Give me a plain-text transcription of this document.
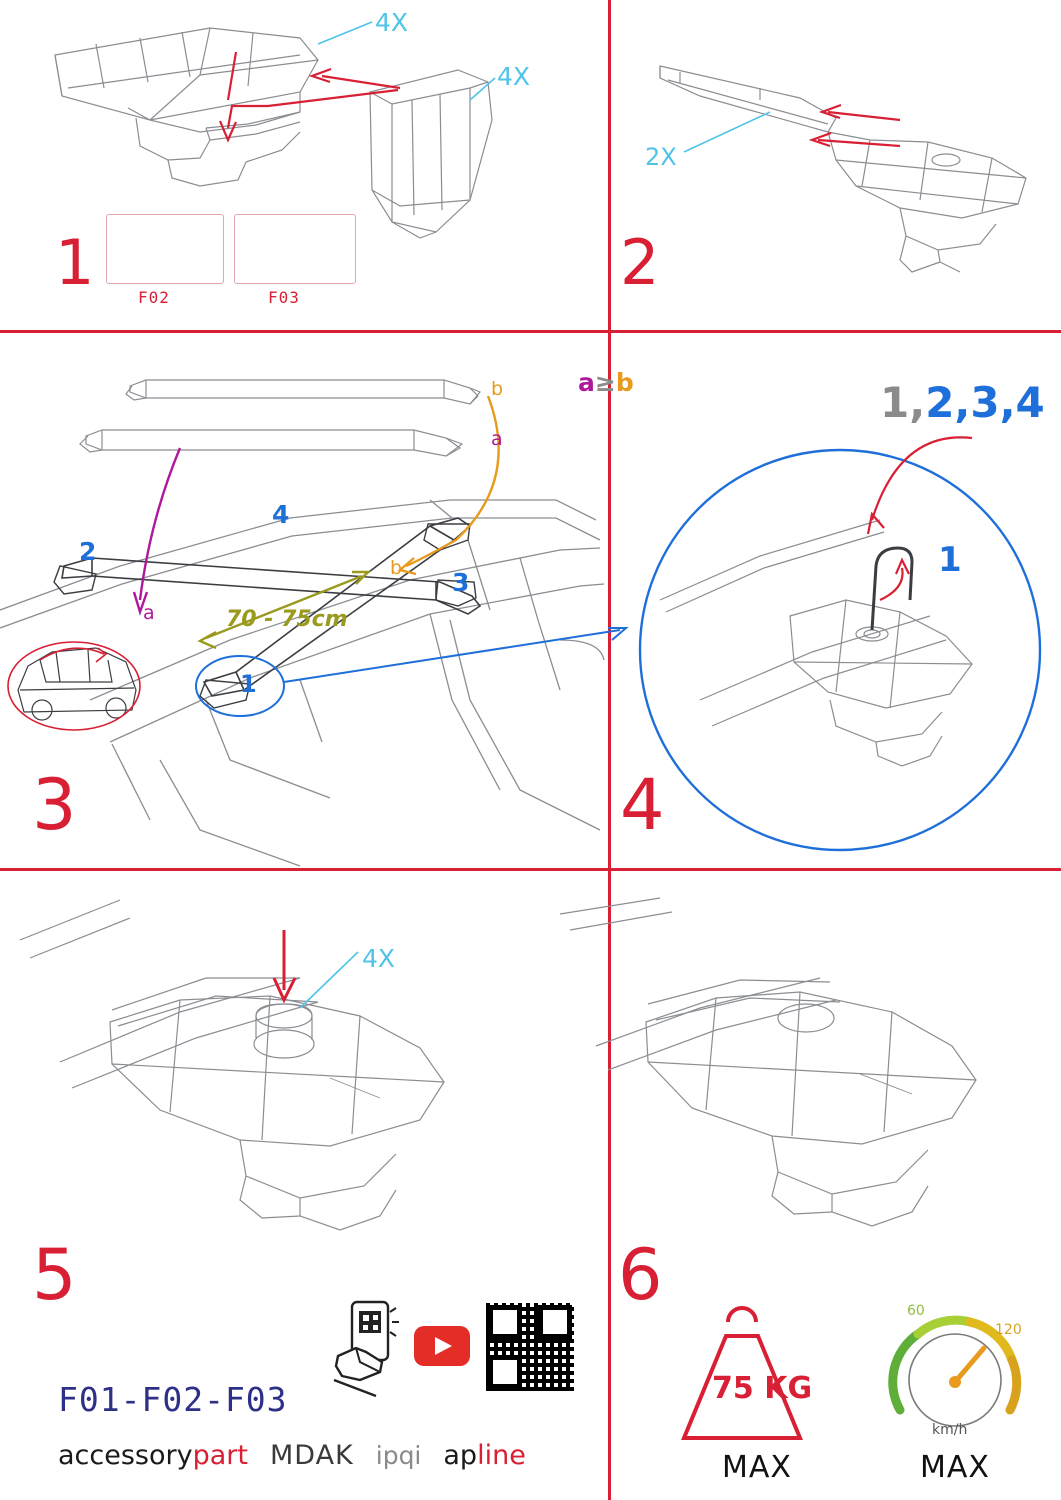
1	2
3	4
5	6
4X
4X
F02	F03
2X
a≥b
b
a
b
a
2
3
4
1
70 - 75cm
1,2,3,4
1
4X
F01-F02-F03
accessorypart MDAK ipqi apline
75 KG
MAX	MAX
km/h
60
120
